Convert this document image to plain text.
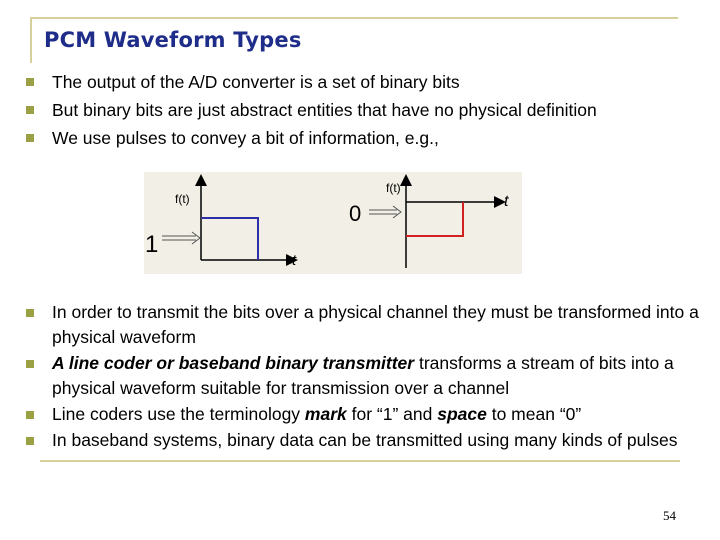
PCM Waveform Types
The output of the A/D converter is a set of binary bits
But binary bits are just abstract entities that have no physical definition
We use pulses to convey a bit of information, e.g.,
f(t)
t
1
f(t)
t
0
In order to transmit the bits over a physical channel they must be transformed into a physical waveform
A line coder or baseband binary transmitter transforms a stream of bits into a physical waveform suitable for transmission over a channel
Line coders use the terminology mark for “1” and space to mean “0”
In baseband systems, binary data can be transmitted using many kinds of pulses
54
